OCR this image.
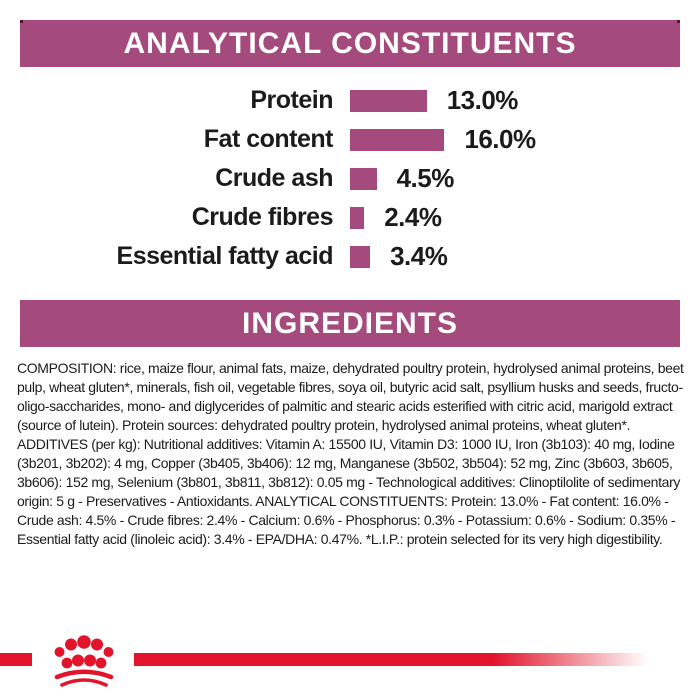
ANALYTICAL CONSTITUENTS
Protein	13.0%
Fat content	16.0%
Crude ash 4.5%
Crude fibres 2.4%
Essential fatty acid 3.4%
INGREDIENTS

COMPOSITION: rice, maize flour, animal fats, maize, dehydrated poultry protein, hydrolysed animal proteins, beet pulp, wheat gluten*, minerals, fish oil, vegetable fibres, soya oil, butyric acid salt, psyllium husks and seeds, fructo-oligo-saccharides, mono- and diglycerides of palmitic and stearic acids esterified with citric acid, marigold extract (source of lutein). Protein sources: dehydrated poultry protein, hydrolysed animal proteins, wheat gluten*. ADDITIVES (per kg): Nutritional additives: Vitamin A: 15500 IU, Vitamin D3: 1000 IU, Iron (3b103): 40 mg, Iodine (3b201, 3b202): 4 mg, Copper (3b405, 3b406): 12 mg, Manganese (3b502, 3b504): 52 mg, Zinc (3b603, 3b605, 3b606): 152 mg, Selenium (3b801, 3b811, 3b812): 0.05 mg - Technological additives: Clinoptilolite of sedimentary origin: 5 g - Preservatives - Antioxidants. ANALYTICAL CONSTITUENTS: Protein: 13.0% - Fat content: 16.0% - Crude ash: 4.5% - Crude fibres: 2.4% - Calcium: 0.6% - Phosphorus: 0.3% - Potassium: 0.6% - Sodium: 0.35% - Essential fatty acid (linoleic acid): 3.4% - EPA/DHA: 0.47%. *L.I.P.: protein selected for its very high digestibility.
